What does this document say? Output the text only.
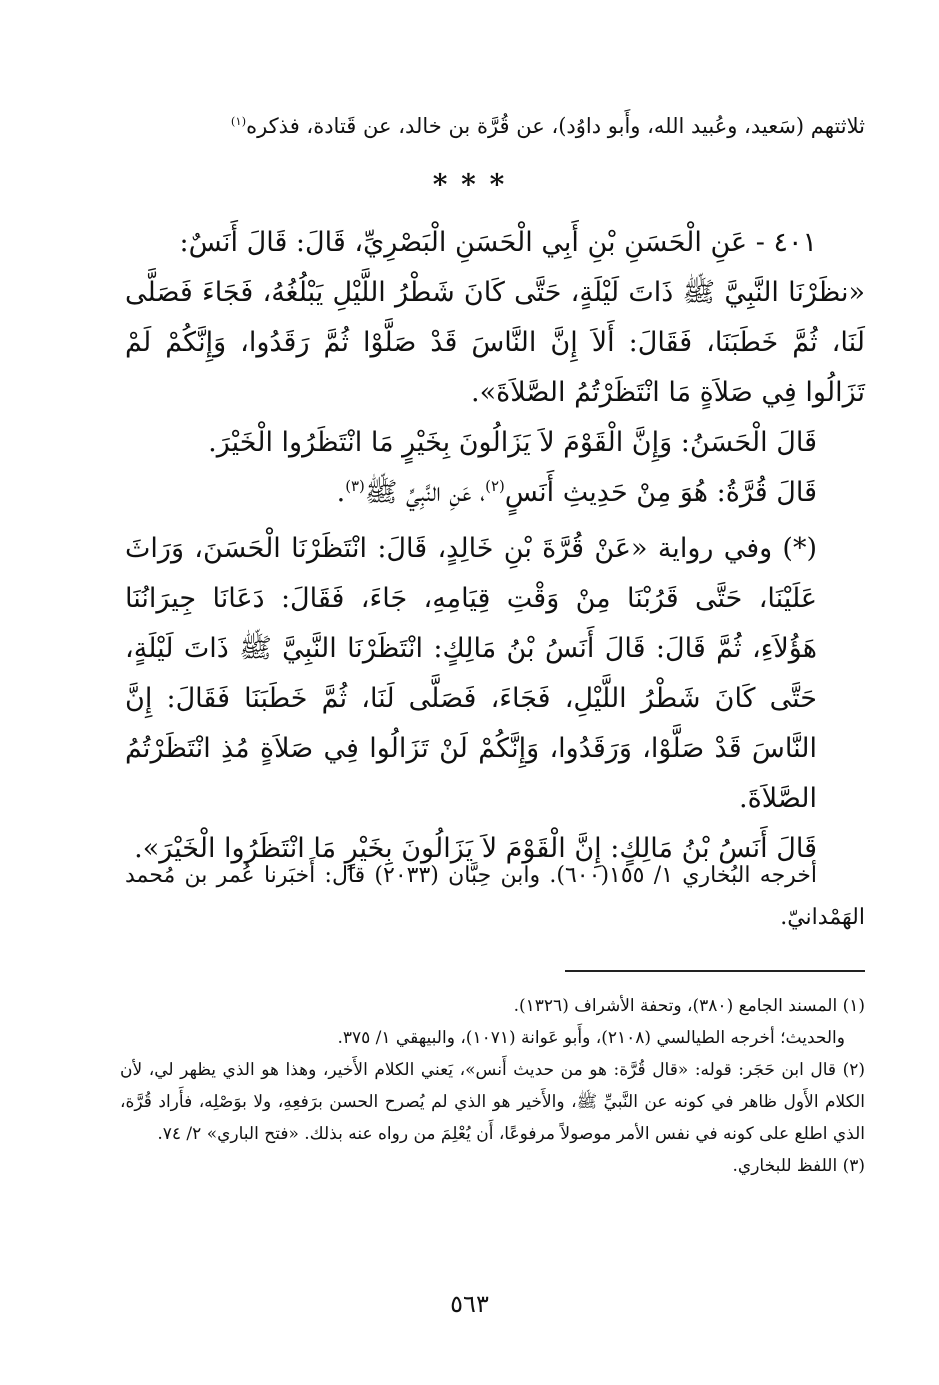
ثلاثتهم (سَعيد، وعُبيد الله، وأَبو داوُد)، عن قُرَّة بن خالد، عن قَتادة، فذكره$^{(١)}$
* * *

٤٠١ - عَنِ الْحَسَنِ بْنِ أَبِي الْحَسَنِ الْبَصْرِيِّ، قَالَ: قَالَ أَنَسٌ:

«نظَرْنَا النَّبِيَّ ﷺ ذَاتَ لَيْلَةٍ، حَتَّى كَانَ شَطْرُ اللَّيْلِ يَبْلُغُهُ، فَجَاءَ فَصَلَّى لَنَا، ثُمَّ خَطَبَنَا، فَقَالَ: أَلاَ إِنَّ النَّاسَ قَدْ صَلَّوْا ثُمَّ رَقَدُوا، وَإِنَّكُمْ لَمْ تَزَالُوا فِي صَلاَةٍ مَا انْتَظَرْتُمُ الصَّلاَةَ».

قَالَ الْحَسَنُ: وَإِنَّ الْقَوْمَ لاَ يَزَالُونَ بِخَيْرٍ مَا انْتَظَرُوا الْخَيْرَ.

قَالَ قُرَّةُ: هُوَ مِنْ حَدِيثِ أَنَسٍ$^{(٢)}$، عَنِ النَّبِيِّ ﷺ$^{(٣)}$.

(*) وفي رواية «عَنْ قُرَّةَ بْنِ خَالِدٍ، قَالَ: انْتَظَرْنَا الْحَسَنَ، وَرَاثَ عَلَيْنَا، حَتَّى قَرُبْنَا مِنْ وَقْتِ قِيَامِهِ، جَاءَ، فَقَالَ: دَعَانَا جِيرَانُنَا هَؤُلاَءِ، ثُمَّ قَالَ: قَالَ أَنَسُ بْنُ مَالِكٍ: انْتَظَرْنَا النَّبِيَّ ﷺ ذَاتَ لَيْلَةٍ، حَتَّى كَانَ شَطْرُ اللَّيْلِ، فَجَاءَ، فَصَلَّى لَنَا، ثُمَّ خَطَبَنَا فَقَالَ: إِنَّ النَّاسَ قَدْ صَلَّوْا، وَرَقَدُوا، وَإِنَّكُمْ لَنْ تَزَالُوا فِي صَلاَةٍ مُذِ انْتَظَرْتُمُ الصَّلاَةَ.

قَالَ أَنَسُ بْنُ مَالِكٍ: إِنَّ الْقَوْمَ لاَ يَزَالُونَ بِخَيْرٍ مَا انْتَظَرُوا الْخَيْرَ».

أخرجه البُخاري ١/ ١٥٥(٦٠٠). وابن حِبَّان (٢٠٣٣) قال: أَخبَرنا عُمر بن مُحمد الهَمْدانيّ.

(١) المسند الجامع (٣٨٠)، وتحفة الأشراف (١٣٢٦).

والحديث؛ أخرجه الطيالسي (٢١٠٨)، وأَبو عَوانة (١٠٧١)، والبيهقي ١/ ٣٧٥.

(٢) قال ابن حَجَر: قوله: «قال قُرَّة: هو من حديث أَنس»، يَعني الكلام الأَخير، وهذا هو الذي يظهر لي، لأن الكلام الأَول ظاهر في كونه عن النَّبيِّ ﷺ، والأَخير هو الذي لم يُصرح الحسن برَفعِهِ، ولا بوَصْلِه، فأَراد قُرَّة، الذي اطلع على كونه في نفس الأمر موصولاً مرفوعًا، أَن يُعْلِمَ من رواه عنه بذلك. «فتح الباري» ٢/ ٧٤.

(٣) اللفظ للبخاري.

٥٦٣
